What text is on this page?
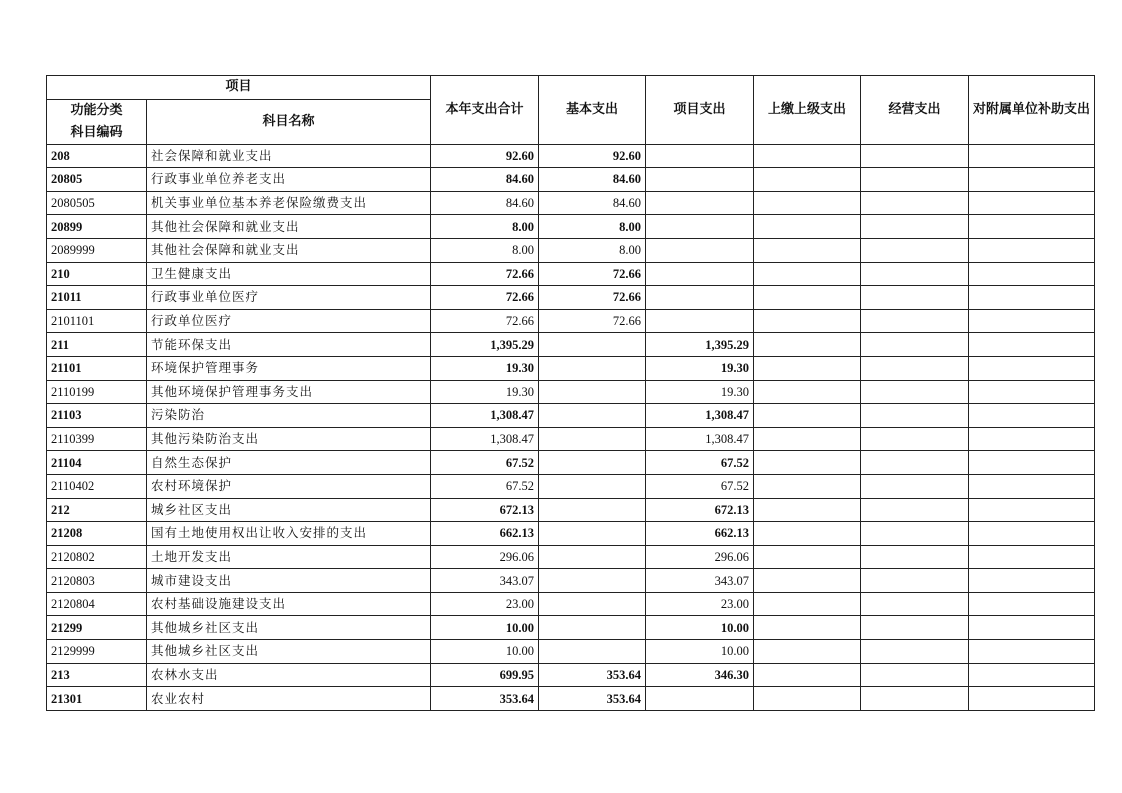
项目		本年支出合计	基本支出	项目支出	上缴上级支出	经营支出	对附属单位补助支出

功能分类
科目编码	科目名称						
208	社会保障和就业支出	92.60	92.60				
20805	行政事业单位养老支出	84.60	84.60				
2080505	机关事业单位基本养老保险缴费支出	84.60	84.60				
20899	其他社会保障和就业支出	8.00	8.00				
2089999	其他社会保障和就业支出	8.00	8.00				
210	卫生健康支出	72.66	72.66				
21011	行政事业单位医疗	72.66	72.66				
2101101	行政单位医疗	72.66	72.66				
211	节能环保支出	1,395.29		1,395.29			
21101	环境保护管理事务	19.30		19.30			
2110199	其他环境保护管理事务支出	19.30		19.30			
21103	污染防治	1,308.47		1,308.47			
2110399	其他污染防治支出	1,308.47		1,308.47			
21104	自然生态保护	67.52		67.52			
2110402	农村环境保护	67.52		67.52			
212	城乡社区支出	672.13		672.13			
21208	国有土地使用权出让收入安排的支出	662.13		662.13			
2120802	土地开发支出	296.06		296.06			
2120803	城市建设支出	343.07		343.07			
2120804	农村基础设施建设支出	23.00		23.00			
21299	其他城乡社区支出	10.00		10.00			
2129999	其他城乡社区支出	10.00		10.00			
213	农林水支出	699.95	353.64	346.30			
21301	农业农村	353.64	353.64				
